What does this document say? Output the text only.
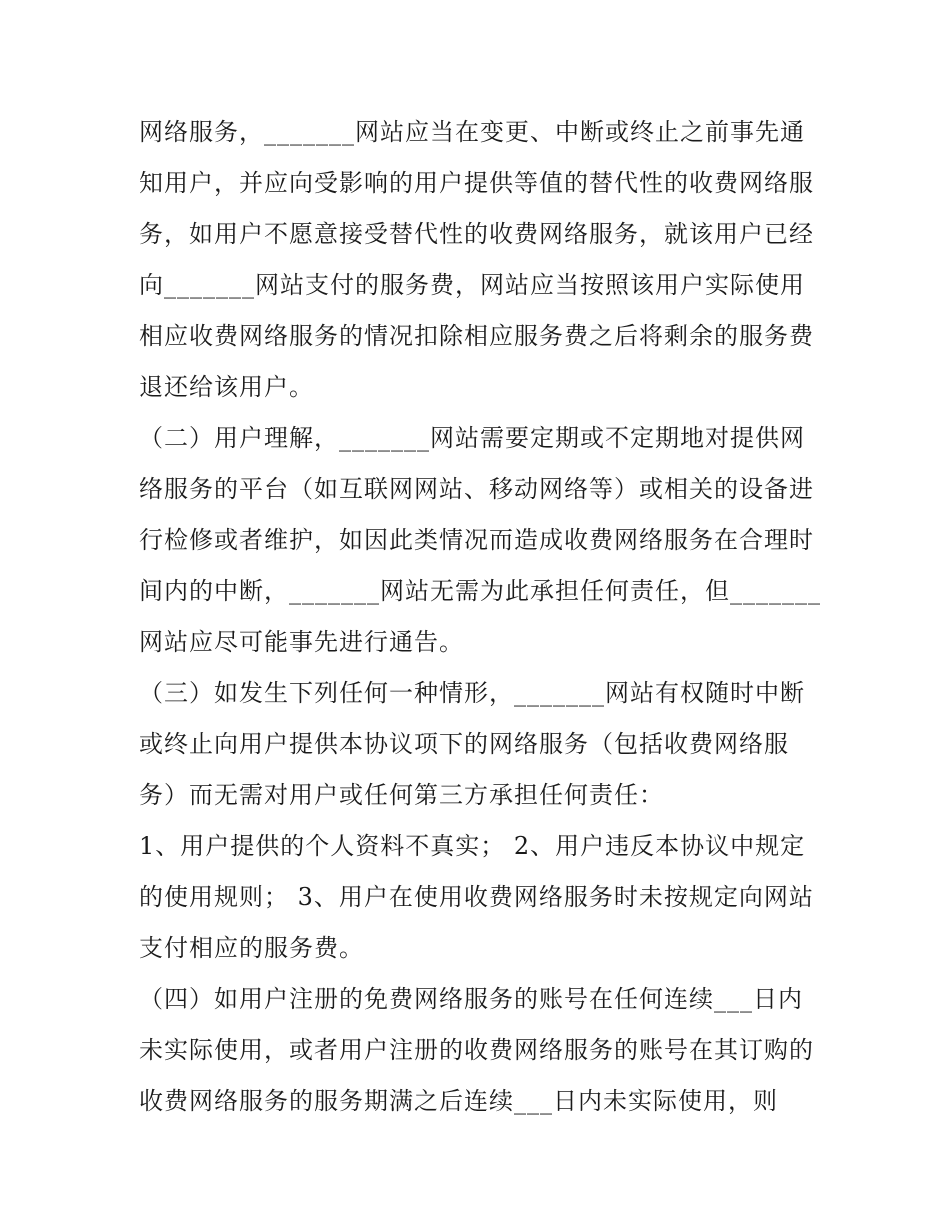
网络服务，_______网站应当在变更、中断或终止之前事先通
知用户，并应向受影响的用户提供等值的替代性的收费网络服
务，如用户不愿意接受替代性的收费网络服务，就该用户已经
向_______网站支付的服务费，网站应当按照该用户实际使用
相应收费网络服务的情况扣除相应服务费之后将剩余的服务费
退还给该用户。
（二）用户理解，_______网站需要定期或不定期地对提供网
络服务的平台（如互联网网站、移动网络等）或相关的设备进
行检修或者维护，如因此类情况而造成收费网络服务在合理时
间内的中断，_______网站无需为此承担任何责任，但_______
网站应尽可能事先进行通告。
（三）如发生下列任何一种情形，_______网站有权随时中断
或终止向用户提供本协议项下的网络服务（包括收费网络服
务）而无需对用户或任何第三方承担任何责任：
1、用户提供的个人资料不真实； 2、用户违反本协议中规定
的使用规则； 3、用户在使用收费网络服务时未按规定向网站
支付相应的服务费。
（四）如用户注册的免费网络服务的账号在任何连续___日内
未实际使用，或者用户注册的收费网络服务的账号在其订购的
收费网络服务的服务期满之后连续___日内未实际使用，则
